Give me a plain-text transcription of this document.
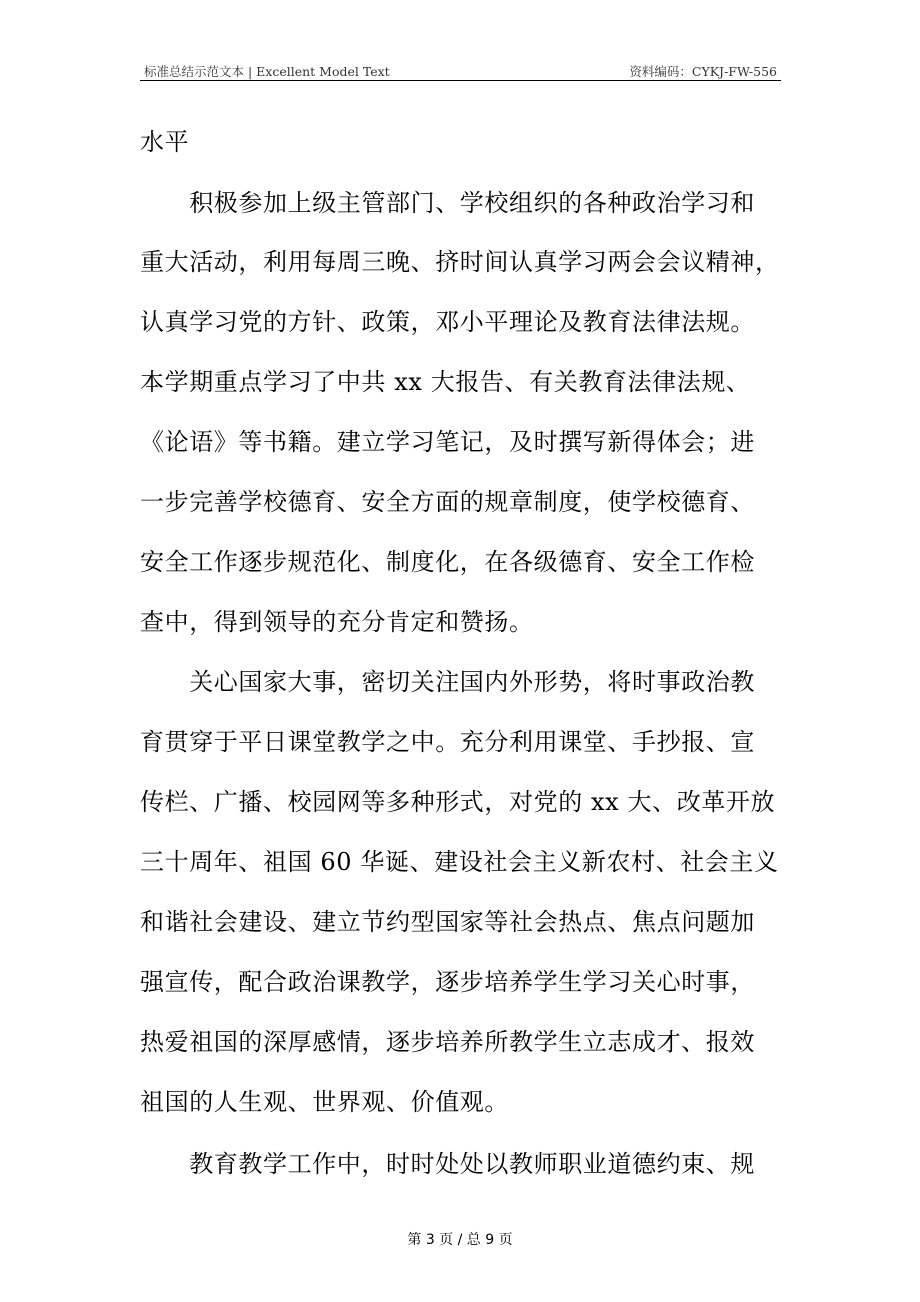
标准总结示范文本 | Excellent Model Text	资料编码：CYKJ-FW-556
水平
　　积极参加上级主管部门、学校组织的各种政治学习和
重大活动，利用每周三晚、挤时间认真学习两会会议精神，
认真学习党的方针、政策，邓小平理论及教育法律法规。
本学期重点学习了中共 xx 大报告、有关教育法律法规、
《论语》等书籍。建立学习笔记，及时撰写新得体会；进
一步完善学校德育、安全方面的规章制度，使学校德育、
安全工作逐步规范化、制度化，在各级德育、安全工作检
查中，得到领导的充分肯定和赞扬。
　　关心国家大事，密切关注国内外形势，将时事政治教
育贯穿于平日课堂教学之中。充分利用课堂、手抄报、宣
传栏、广播、校园网等多种形式，对党的 xx 大、改革开放
三十周年、祖国 60 华诞、建设社会主义新农村、社会主义
和谐社会建设、建立节约型国家等社会热点、焦点问题加
强宣传，配合政治课教学，逐步培养学生学习关心时事，
热爱祖国的深厚感情，逐步培养所教学生立志成才、报效
祖国的人生观、世界观、价值观。
　　教育教学工作中，时时处处以教师职业道德约束、规
第 3 页 / 总 9 页
